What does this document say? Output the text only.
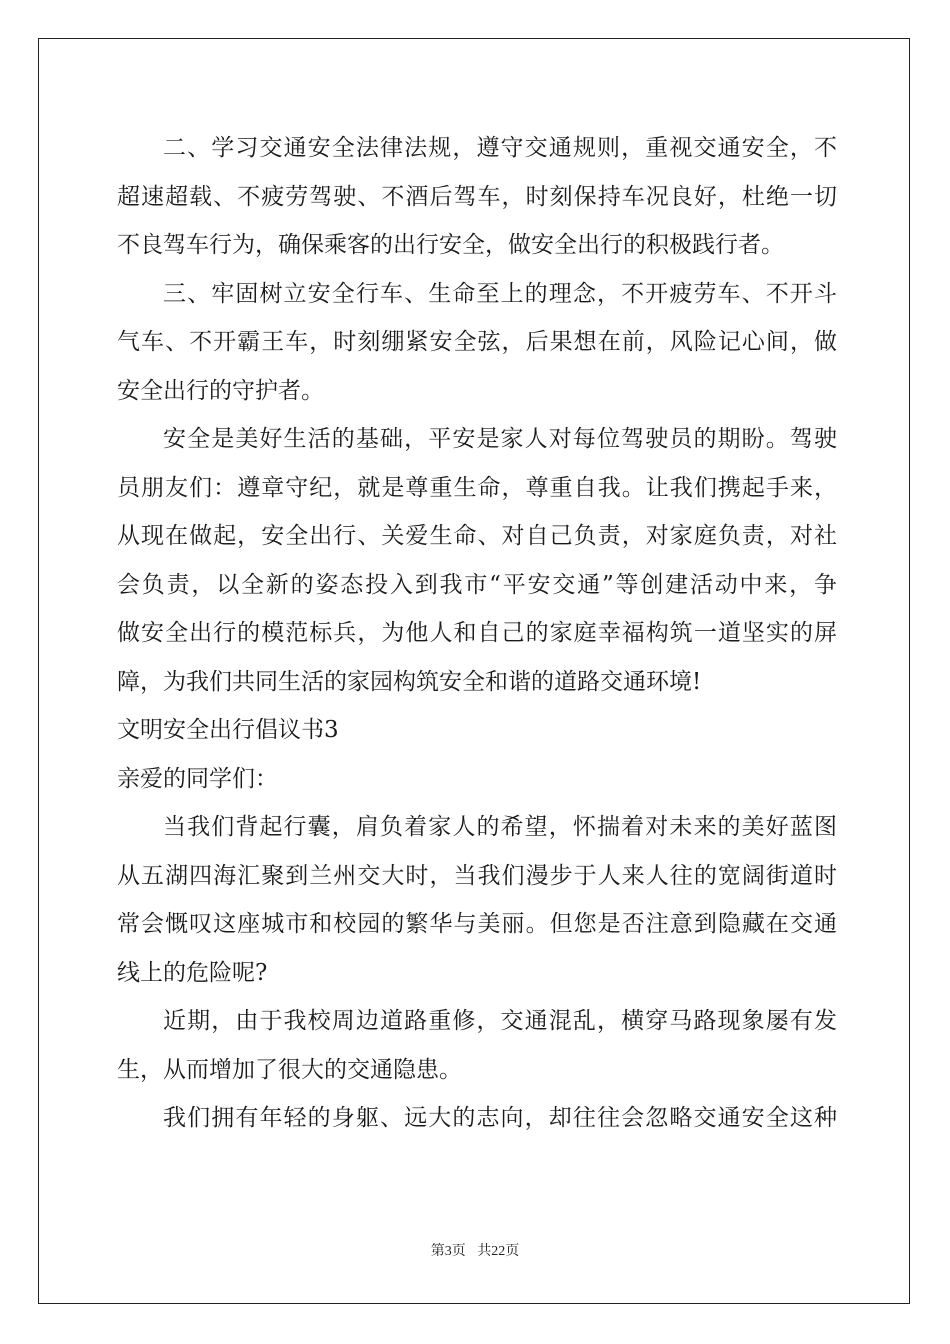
二、学习交通安全法律法规，遵守交通规则，重视交通安全，不
超速超载、不疲劳驾驶、不酒后驾车，时刻保持车况良好，杜绝一切
不良驾车行为，确保乘客的出行安全，做安全出行的积极践行者。
三、牢固树立安全行车、生命至上的理念，不开疲劳车、不开斗
气车、不开霸王车，时刻绷紧安全弦，后果想在前，风险记心间，做
安全出行的守护者。
安全是美好生活的基础，平安是家人对每位驾驶员的期盼。驾驶
员朋友们：遵章守纪，就是尊重生命，尊重自我。让我们携起手来，
从现在做起，安全出行、关爱生命、对自己负责，对家庭负责，对社
会负责，以全新的姿态投入到我市“平安交通”等创建活动中来，争
做安全出行的模范标兵，为他人和自己的家庭幸福构筑一道坚实的屏
障，为我们共同生活的家园构筑安全和谐的道路交通环境!
文明安全出行倡议书3
亲爱的同学们：
当我们背起行囊，肩负着家人的希望，怀揣着对未来的美好蓝图
从五湖四海汇聚到兰州交大时，当我们漫步于人来人往的宽阔街道时
常会慨叹这座城市和校园的繁华与美丽。但您是否注意到隐藏在交通
线上的危险呢?
近期，由于我校周边道路重修，交通混乱，横穿马路现象屡有发
生，从而增加了很大的交通隐患。
我们拥有年轻的身躯、远大的志向，却往往会忽略交通安全这种
第3页 共22页
